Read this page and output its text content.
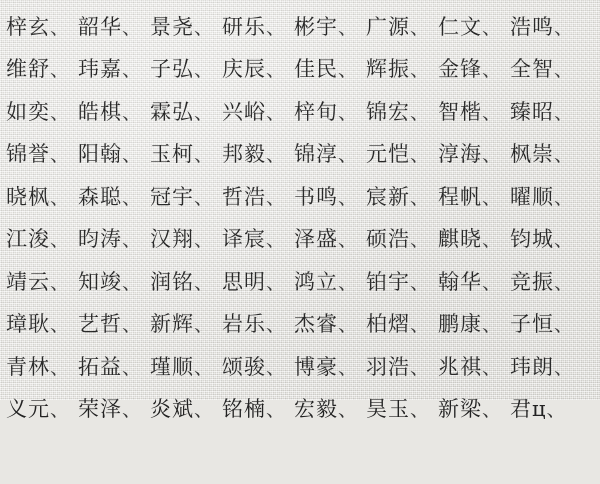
梓玄 、 韶华 、 景尧 、 研乐 、 彬宇 、 广源 、 仁文 、 浩鸣 、
维舒 、 玮嘉 、 子弘 、 庆辰 、 佳民 、 辉振 、 金锋 、 全智 、
如奕 、 皓棋 、 霖弘 、 兴峪 、 梓旬 、 锦宏 、 智楷 、 臻昭 、
锦誉 、 阳翰 、 玉柯 、 邦毅 、 锦淳 、 元恺 、 淳海 、 枫崇 、
晓枫 、 森聪 、 冠宇 、 哲浩 、 书鸣 、 宸新 、 程帆 、 曜顺 、
江浚 、 昀涛 、 汉翔 、 译宸 、 泽盛 、 硕浩 、 麒晓 、 钧城 、
靖云 、 知竣 、 润铭 、 思明 、 鸿立 、 铂宇 、 翰华 、 竞振 、
璋耿 、 艺哲 、 新辉 、 岩乐 、 杰睿 、 柏熠 、 鹏康 、 子恒 、
青林 、 拓益 、 瑾顺 、 颂骏 、 博豪 、 羽浩 、 兆祺 、 玮朗 、
义元 、 荣泽 、 炎斌 、 铭楠 、 宏毅 、 昊玉 、 新梁 、 君ц 、
